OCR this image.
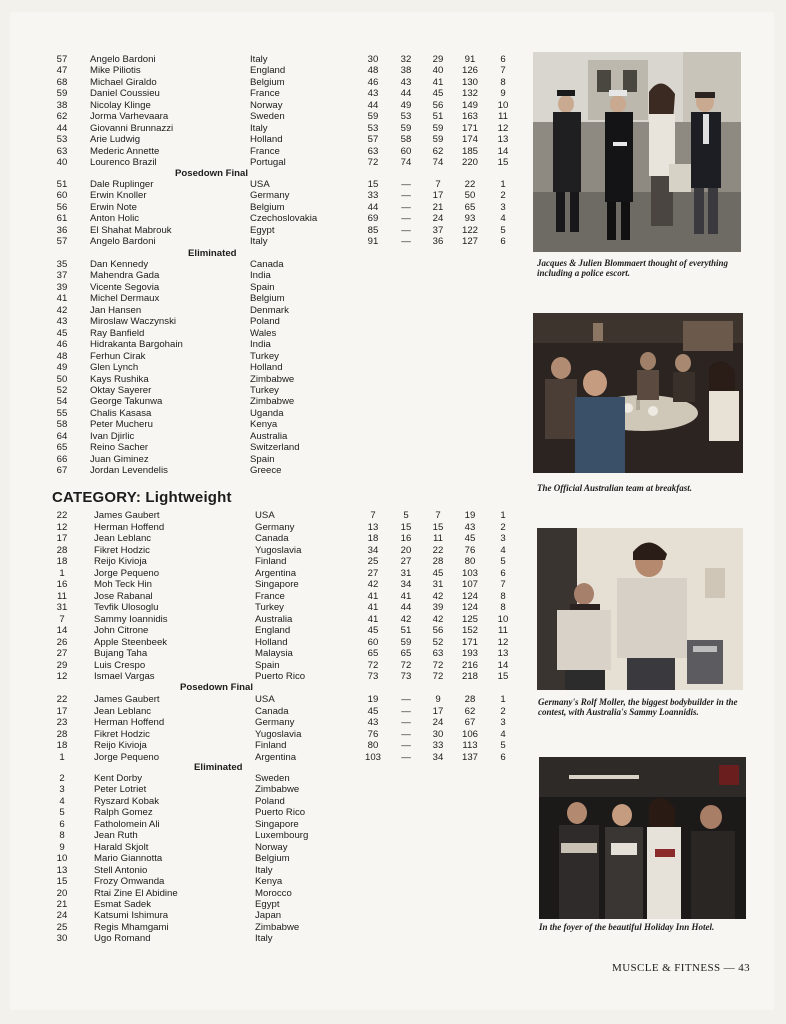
57	Angelo Bardoni	Italy	30	32	29	91	6
47	Mike Piliotis	England	48	38	40	126	7
68	Michael Giraldo	Belgium	46	43	41	130	8
59	Daniel Coussieu	France	43	44	45	132	9
38	Nicolay Klinge	Norway	44	49	56	149	10
62	Jorma Varhevaara	Sweden	59	53	51	163	11
44	Giovanni Brunnazzi	Italy	53	59	59	171	12
53	Arie Ludwig	Holland	57	58	59	174	13
63	Mederic Annette	France	63	60	62	185	14
40	Lourenco Brazil	Portugal	72	74	74	220	15
Posedown Final
51	Dale Ruplinger	USA	15	—	7	22	1
60	Erwin Knoller	Germany	33	—	17	50	2
56	Erwin Note	Belgium	44	—	21	65	3
61	Anton Holic	Czechoslovakia	69	—	24	93	4
36	El Shahat Mabrouk	Egypt	85	—	37	122	5
57	Angelo Bardoni	Italy	91	—	36	127	6
Eliminated
35	Dan Kennedy	Canada
37	Mahendra Gada	India
39	Vicente Segovia	Spain
41	Michel Dermaux	Belgium
42	Jan Hansen	Denmark
43	Miroslaw Waczynski	Poland
45	Ray Banfield	Wales
46	Hidrakanta Bargohain	India
48	Ferhun Cirak	Turkey
49	Glen Lynch	Holland
50	Kays Rushika	Zimbabwe
52	Oktay Sayerer	Turkey
54	George Takunwa	Zimbabwe
55	Chalis Kasasa	Uganda
58	Peter Mucheru	Kenya
64	Ivan Djirlic	Australia
65	Reino Sacher	Switzerland
66	Juan Giminez	Spain
67	Jordan Levendelis	Greece
CATEGORY: Lightweight
22	James Gaubert	USA	7	5	7	19	1
12	Herman Hoffend	Germany	13	15	15	43	2
17	Jean Leblanc	Canada	18	16	11	45	3
28	Fikret Hodzic	Yugoslavia	34	20	22	76	4
18	Reijo Kivioja	Finland	25	27	28	80	5
1	Jorge Pequeno	Argentina	27	31	45	103	6
16	Moh Teck Hin	Singapore	42	34	31	107	7
11	Jose Rabanal	France	41	41	42	124	8
31	Tevfik Ulosoglu	Turkey	41	44	39	124	8
7	Sammy Ioannidis	Australia	41	42	42	125	10
14	John Citrone	England	45	51	56	152	11
26	Apple Steenbeek	Holland	60	59	52	171	12
27	Bujang Taha	Malaysia	65	65	63	193	13
29	Luis Crespo	Spain	72	72	72	216	14
12	Ismael Vargas	Puerto Rico	73	73	72	218	15
Posedown Final
22	James Gaubert	USA	19	—	9	28	1
17	Jean Leblanc	Canada	45	—	17	62	2
23	Herman Hoffend	Germany	43	—	24	67	3
28	Fikret Hodzic	Yugoslavia	76	—	30	106	4
18	Reijo Kivioja	Finland	80	—	33	113	5
1	Jorge Pequeno	Argentina	103	—	34	137	6
Eliminated
2	Kent Dorby	Sweden
3	Peter Lotriet	Zimbabwe
4	Ryszard Kobak	Poland
5	Ralph Gomez	Puerto Rico
6	Fatholomein Ali	Singapore
8	Jean Ruth	Luxembourg
9	Harald Skjolt	Norway
10	Mario Giannotta	Belgium
13	Stell Antonio	Italy
15	Frozy Omwanda	Kenya
20	Rtai Zine El Abidine	Morocco
21	Esmat Sadek	Egypt
24	Katsumi Ishimura	Japan
25	Regis Mhamgami	Zimbabwe
30	Ugo Romand	Italy
Jacques & Julien Blommaert thought of everything including a police escort.
The Official Australian team at breakfast.
Germany's Rolf Moller, the biggest bodybuilder in the contest, with Australia's Sammy Loannidis.
In the foyer of the beautiful Holiday Inn Hotel.
MUSCLE & FITNESS — 43
